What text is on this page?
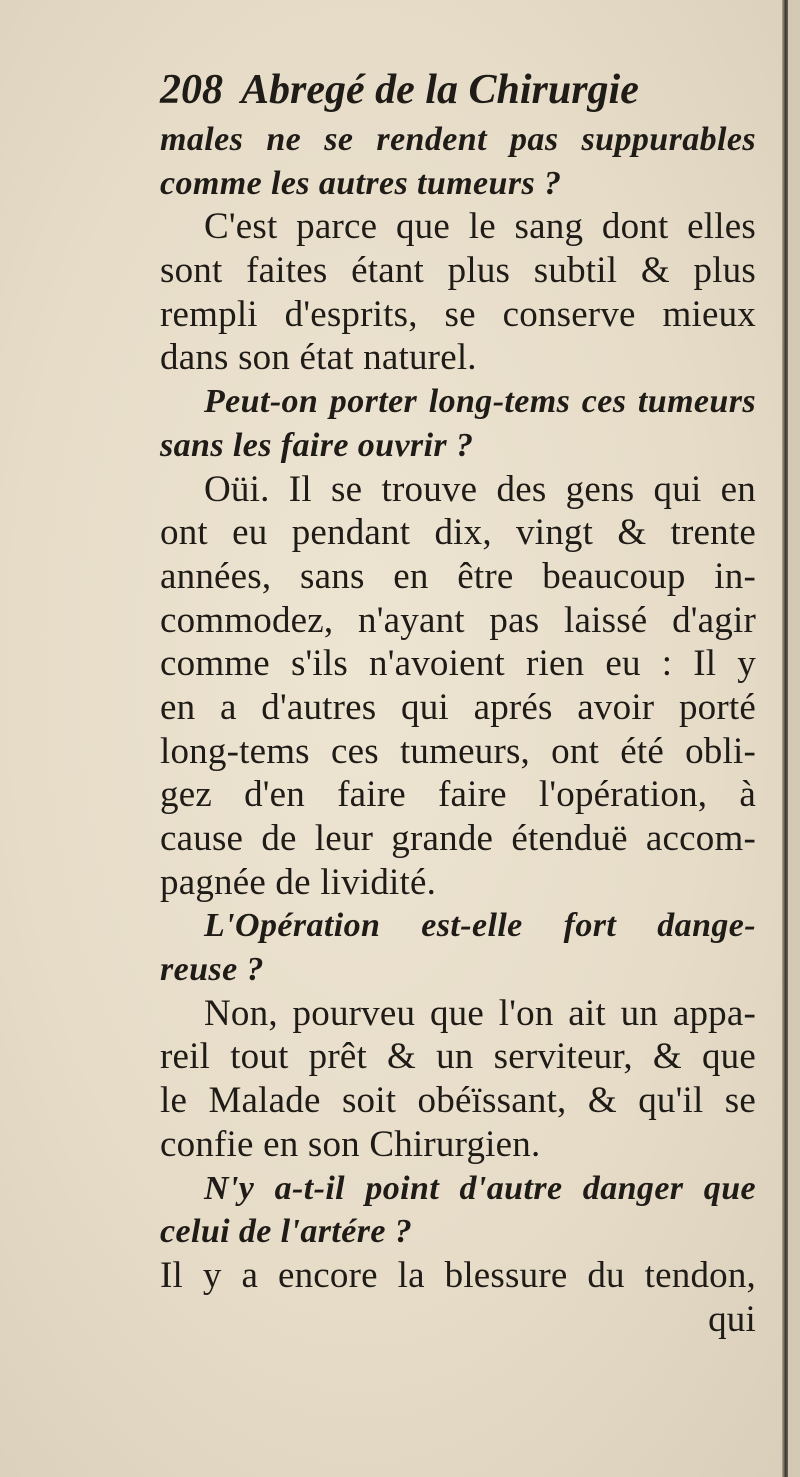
208 Abregé de la Chirurgie
males ne se rendent pas suppurables
comme les autres tumeurs ?
C'est parce que le sang dont elles
sont faites étant plus subtil & plus
rempli d'esprits, se conserve mieux
dans son état naturel.
Peut-on porter long-tems ces tumeurs
sans les faire ouvrir ?
Oüi. Il se trouve des gens qui en
ont eu pendant dix, vingt & trente
années, sans en être beaucoup in-
commodez, n'ayant pas laissé d'agir
comme s'ils n'avoient rien eu : Il y
en a d'autres qui aprés avoir porté
long-tems ces tumeurs, ont été obli-
gez d'en faire faire l'opération, à
cause de leur grande étenduë accom-
pagnée de lividité.
L'Opération est-elle fort dange-
reuse ?
Non, pourveu que l'on ait un appa-
reil tout prêt & un serviteur, & que
le Malade soit obéïssant, & qu'il se
confie en son Chirurgien.
N'y a-t-il point d'autre danger que
celui de l'artére ?
Il y a encore la blessure du tendon,
qui
